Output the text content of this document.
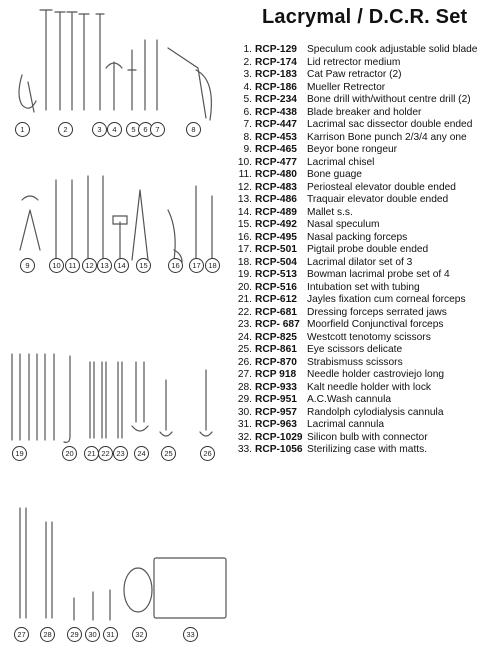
Lacrymal / D.C.R. Set
1. RCP-129 Speculum cook adjustable solid blade
2. RCP-174 Lid retrector medium
3. RCP-183 Cat Paw retractor (2)
4. RCP-186 Mueller Retrector
5. RCP-234 Bone drill with/without centre drill (2)
6. RCP-438 Blade breaker and holder
7. RCP-447 Lacrimal sac dissector double ended
8. RCP-453 Karrison Bone punch 2/3/4 any one
9. RCP-465 Beyor bone rongeur
10. RCP-477 Lacrimal chisel
11. RCP-480 Bone guage
12. RCP-483 Periosteal elevator double ended
13. RCP-486 Traquair elevator double ended
14. RCP-489 Mallet s.s.
15. RCP-492 Nasal speculum
16. RCP-495 Nasal packing forceps
17. RCP-501 Pigtail probe double ended
18. RCP-504 Lacrimal dilator set of 3
19. RCP-513 Bowman lacrimal probe set of 4
20. RCP-516 Intubation set with tubing
21. RCP-612 Jayles fixation cum corneal forceps
22. RCP-681 Dressing forceps serrated jaws
23. RCP- 687 Moorfield Conjunctival forceps
24. RCP-825 Westcott tenotomy scissors
25. RCP-861 Eye scissors delicate
26. RCP-870 Strabismuss scissors
27. RCP 918	Needle holder castroviejo long
28. RCP-933 Kalt needle holder with lock
29. RCP-951 A.C.Wash cannula
30. RCP-957 Randolph cylodialysis cannula
31. RCP-963 Lacrimal cannula
32. RCP-1029 Silicon bulb with connector
33. RCP-1056 Sterilizing case with matts.
1	2	3	4	5	6	7	8
9	10	11	12 13	14	15	16	17	18
19	20	21 22 23	24	25	26
27	28	29	30	31	32	33
